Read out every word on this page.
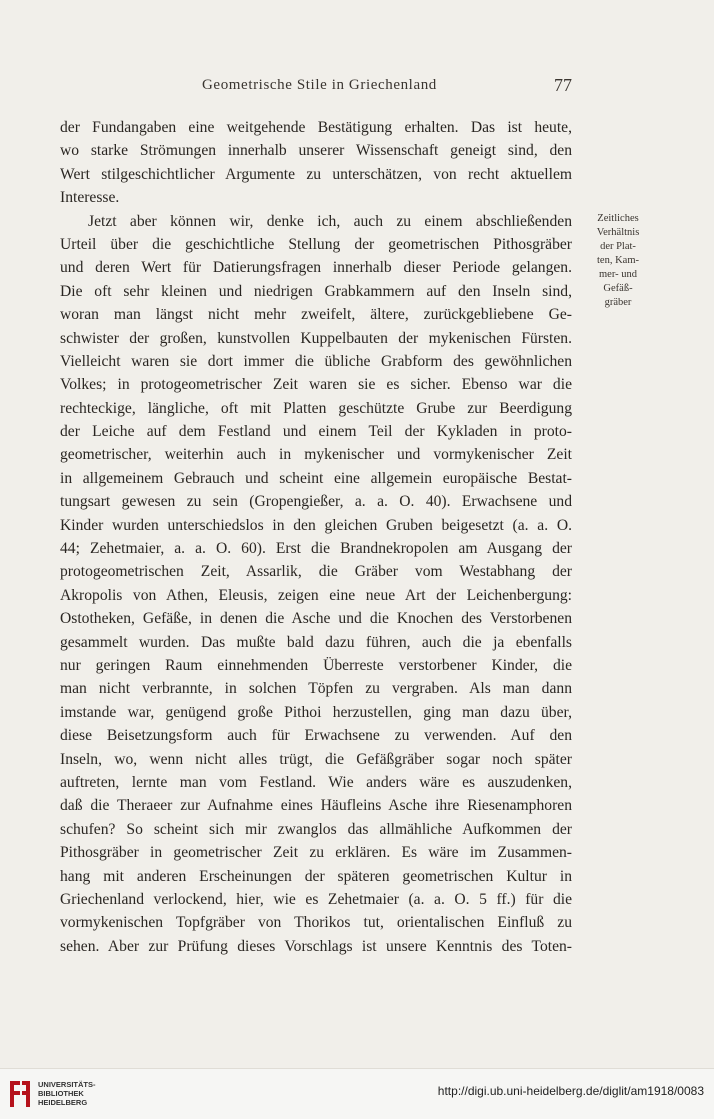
Geometrische Stile in Griechenland	77
der Fundangaben eine weitgehende Bestätigung erhalten. Das ist heute,
wo starke Strömungen innerhalb unserer Wissenschaft geneigt sind, den
Wert stilgeschichtlicher Argumente zu unterschätzen, von recht aktuellem
Interesse.
Jetzt aber können wir, denke ich, auch zu einem abschließenden
Urteil über die geschichtliche Stellung der geometrischen Pithosgräber
und deren Wert für Datierungsfragen innerhalb dieser Periode gelangen.
Die oft sehr kleinen und niedrigen Grabkammern auf den Inseln sind,
woran man längst nicht mehr zweifelt, ältere, zurückgebliebene Ge-
schwister der großen, kunstvollen Kuppelbauten der mykenischen Fürsten.
Vielleicht waren sie dort immer die übliche Grabform des gewöhnlichen
Volkes; in protogeometrischer Zeit waren sie es sicher. Ebenso war die
rechteckige, längliche, oft mit Platten geschützte Grube zur Beerdigung
der Leiche auf dem Festland und einem Teil der Kykladen in proto-
geometrischer, weiterhin auch in mykenischer und vormykenischer Zeit
in allgemeinem Gebrauch und scheint eine allgemein europäische Bestat-
tungsart gewesen zu sein (Gropengießer, a. a. O. 40). Erwachsene und
Kinder wurden unterschiedslos in den gleichen Gruben beigesetzt (a. a. O.
44; Zehetmaier, a. a. O. 60). Erst die Brandnekropolen am Ausgang der
protogeometrischen Zeit, Assarlik, die Gräber vom Westabhang der
Akropolis von Athen, Eleusis, zeigen eine neue Art der Leichenbergung:
Ostotheken, Gefäße, in denen die Asche und die Knochen des Verstorbenen
gesammelt wurden. Das mußte bald dazu führen, auch die ja ebenfalls
nur geringen Raum einnehmenden Überreste verstorbener Kinder, die
man nicht verbrannte, in solchen Töpfen zu vergraben. Als man dann
imstande war, genügend große Pithoi herzustellen, ging man dazu über,
diese Beisetzungsform auch für Erwachsene zu verwenden. Auf den
Inseln, wo, wenn nicht alles trügt, die Gefäßgräber sogar noch später
auftreten, lernte man vom Festland. Wie anders wäre es auszudenken,
daß die Theraeer zur Aufnahme eines Häufleins Asche ihre Riesenamphoren
schufen? So scheint sich mir zwanglos das allmähliche Aufkommen der
Pithosgräber in geometrischer Zeit zu erklären. Es wäre im Zusammen-
hang mit anderen Erscheinungen der späteren geometrischen Kultur in
Griechenland verlockend, hier, wie es Zehetmaier (a. a. O. 5 ff.) für die
vormykenischen Topfgräber von Thorikos tut, orientalischen Einfluß zu
sehen. Aber zur Prüfung dieses Vorschlags ist unsere Kenntnis des Toten-
Zeitliches
Verhältnis
der Plat-
ten, Kam-
mer- und
Gefäß-
gräber
UNIVERSITÄTS-
BIBLIOTHEK
HEIDELBERG
http://digi.ub.uni-heidelberg.de/diglit/am1918/0083
